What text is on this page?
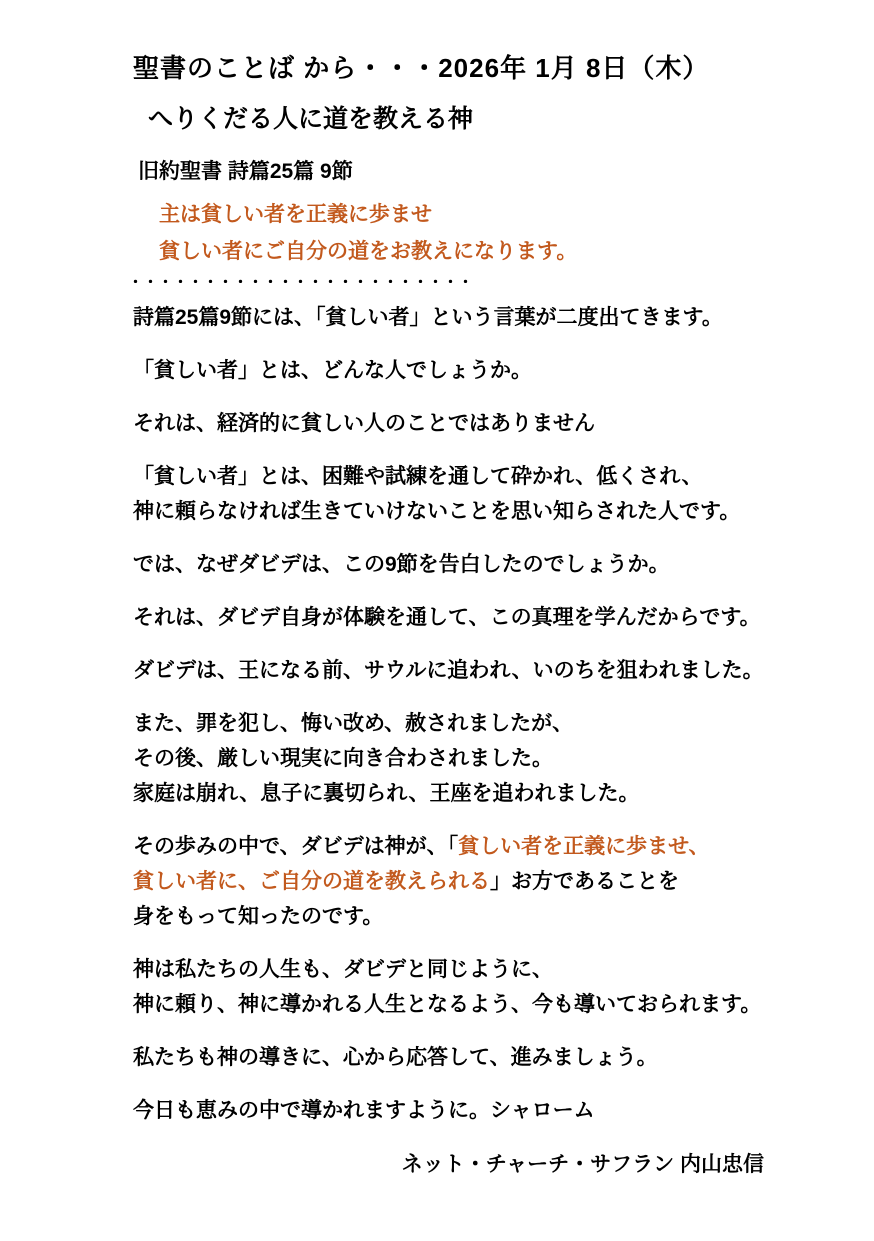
聖書のことば から・・・2026年 1月 8日（木）
へりくだる人に道を教える神
旧約聖書 詩篇25篇 9節
主は貧しい者を正義に歩ませ
貧しい者にご自分の道をお教えになります。
・・・・・・・・・・・・・・・・・・・・・・・

詩篇25篇9節には、「貧しい者」という言葉が二度出てきます。

「貧しい者」とは、どんな人でしょうか。

それは、経済的に貧しい人のことではありません

「貧しい者」とは、困難や試練を通して砕かれ、低くされ、
神に頼らなければ生きていけないことを思い知らされた人です。

では、なぜダビデは、この9節を告白したのでしょうか。

それは、ダビデ自身が体験を通して、この真理を学んだからです。

ダビデは、王になる前、サウルに追われ、いのちを狙われました。

また、罪を犯し、悔い改め、赦されましたが、
その後、厳しい現実に向き合わされました。
家庭は崩れ、息子に裏切られ、王座を追われました。

その歩みの中で、ダビデは神が、「貧しい者を正義に歩ませ、
貧しい者に、ご自分の道を教えられる」お方であることを
身をもって知ったのです。

神は私たちの人生も、ダビデと同じように、
神に頼り、神に導かれる人生となるよう、今も導いておられます。

私たちも神の導きに、心から応答して、進みましょう。

今日も恵みの中で導かれますように。シャローム

ネット・チャーチ・サフラン 内山忠信
